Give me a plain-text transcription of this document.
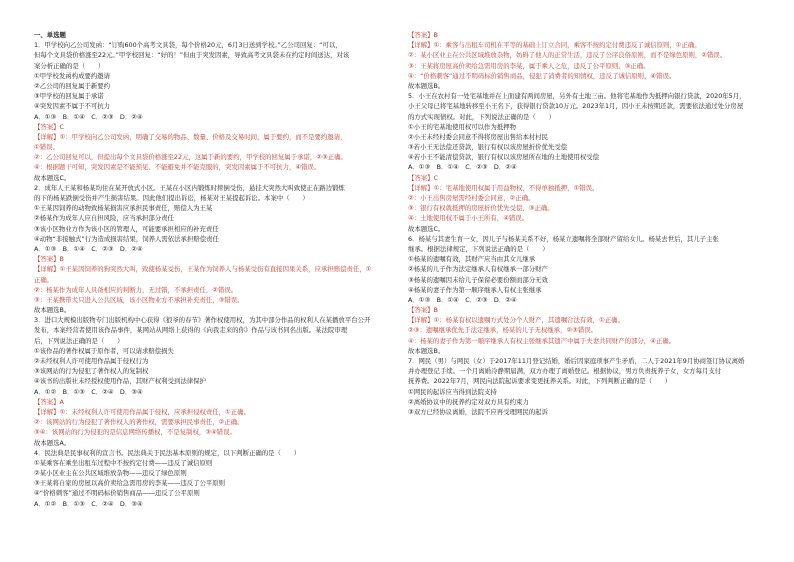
一、单选题
1．甲学校向乙公司发函：“订购600个高考文具袋，每个价格20元，6月3日送到学校。”乙公司回复：“可以，
但每个文具袋价格涨至22元。”甲学校回复：“好的！”但由于突发因素，导致高考文具袋未在约定时间送达，对该
案分析正确的是（　　）
①甲学校发函构成要约邀请
②乙公司的回复属于新要约
③甲学校的回复属于承诺
④突发因素不属于不可抗力
A．①③　B．①④　C．②③　D．②④
【答案】C
【详解】①：甲学校向乙公司发函，明确了交易的物品、数量、价格及交易时间，属于要约，而不是要约邀请，
①错误。
②：乙公司回复可以，但提出每个文具袋价格涨至22元，这属于新的要约，甲学校的回复属于承诺，②③正确。
④：根据题干可知，突发因素是不能预见、不能避免并不能克服的，突发因素属于不可抗力，④错误。
故本题选C。
2．成年人王某和杨某均住在某开放式小区。王某在小区内锻炼时摔倒受伤，悬挂大突然大叫致使正在路边锻炼
的下的杨某跌倒受伤并产生损害结果。因此他们提出诉讼，杨某对王某提起诉讼。本案中（　　）
①王某因饲养的动物致杨某损害应承担民事责任，赔偿人为王某
②杨某作为成年人应自担风险，应当承担部分责任
③该小区物业方作为该小区的管理人，可能要承担相应的补充责任
④动物“非接触式”行为造成损害结果，饲养人需依法承担赔偿责任
A．①③　B．①④　C．②③　D．②④
【答案】B
【详解】①王某因饲养的狗突然大叫，致使杨某受伤，王某作为饲养人与杨某受伤有直接因果关系，应承担赔偿责任，①
正确。
②：杨某作为成年人具备相应的判断力，无过错，不承担责任，②错误。
③：王某携带犬只进入公共区域，该小区物业方不承担补充责任，③错误。
故本题选B。
3．进口大规模出版物专门出版机构中心获得《狼爷的春节》著作权使用权，为其中部分作品的权利人在某播放平台公开
发布，本案经营者使用该作品事件，某网站从网络上获得的《向我走来的你》作品与该书同名出版。某法院审理
后，下列说法正确的是（　　）
①该作品的著作权属于原作者，可以请求赔偿损失
②未经权利人许可使用作品属于侵权行为
③该网站的行为侵犯了著作权人的复制权
④该书的出版社未经授权使用作品，其财产权利受到法律保护
A．①②　B．①③　C．②④　D．③④
【答案】A
【详解】①：未经权利人许可使用作品属于侵权，应承担侵权责任，①正确。
②：该网站的行为侵犯了著作权人的著作权，需要承担民事责任，②正确。
③④：该网站的行为侵犯的是信息网络传播权，不是复制权，③④错误。
故本题选A。
4．民法典是民事权利的宣言书。民法典关于民法基本原则的规定，以下判断正确的是（　　）
①某乘客在乘坐出租车过程中不按约定付费——违反了诚信原则
②某小区业主在公共区域堆放杂物——违反了绿色原则
③王某将自家的房屋以高价卖给急需用房的李某——违反了公平原则
④“价格刺客”通过不明码标价销售商品——违反了公平原则
A．①②　B．①③　C．②④　D．③④
【答案】B
【详解】①：乘客与出租车司机在平等的基础上订立合同，乘客不按约定付费违反了诚信原则，①正确。
②：某小区业主在公共区域堆放杂物，妨碍了他人的正常生活，违反了公序良俗原则，而不是绿色原则，②错误。
③：王某将房屋高价卖给急需用房的李某，属于乘人之危，违反了公平原则，③正确。
④：“价格刺客”通过不明码标价销售商品，侵犯了消费者的知情权，违反了诚信原则，④错误。
故本题选B。
5．小王在农村有一处宅基地并在上面建有两间房屋，另外有土地三亩。他将宅基地作为抵押向银行贷款，2020年5月，
小王父母已将宅基地转移至小王名下，获得银行贷款10万元。2023年1月，因小王未按期还款，需要依法通过处分房屋
的方式实现债权。对此，下列说法正确的是（　　）
①小王的宅基地使用权可以作为抵押物
②小王未经村委会同意不得将房屋出售给本村村民
③若小王无法偿还贷款，银行有权以该房屋折价优先受偿
④若小王不能清偿贷款，银行有权以该房屋所在地的土地使用权受偿
A．①③　B．①④　C．②③　D．②④
【答案】C
【详解】①：宅基地使用权属于用益物权，不得单独抵押，①错误。
②：小王出售房屋需经村委会同意，②正确。
③：银行有权就抵押的房屋折价优先受偿，③正确。
④：土地使用权不属于小王所有，④错误。
故本题选C。
6．杨某与其妻生育一女，因儿子与杨某关系不好，杨某立遗嘱将全部财产留给女儿。杨某去世后，其儿子主张
继承。根据法律规定，下列说法正确的是（　　）
①杨某的遗嘱有效，其财产应当由其女儿继承
②杨某的儿子作为法定继承人有权继承一部分财产
③杨某的遗嘱因未给儿子保留必要份额而部分无效
④杨某的妻子作为第一顺序继承人有权主张继承
A．①③　B．①④　C．②③　D．②④
【答案】B
【详解】①：杨某有权以遗嘱方式处分个人财产，其遗嘱合法有效，①正确。
②③：遗嘱继承优先于法定继承，杨某的儿子无权继承，②③错误。
④：杨某的妻子作为第一顺序继承人有权主张继承其遗产中属于夫妻共同财产的部分，④正确。
故本题选B。
7．网民（男）与网民（女）于2017年11月登记结婚，婚后因家庭琐事产生矛盾，二人于2021年9月协商签订协议离婚
并办理登记手续。一个月离婚冷静期届满，双方办理了离婚登记。根据协议，男方负责抚养子女，女方每月支付
抚养费。2022年7月，网民向法院起诉要求变更抚养关系。对此，下列判断正确的是（　　）
①网民的起诉应当得到法院支持
②离婚协议中的抚养约定对双方具有约束力
③双方已经协议离婚，法院不应再受理网民的起诉
